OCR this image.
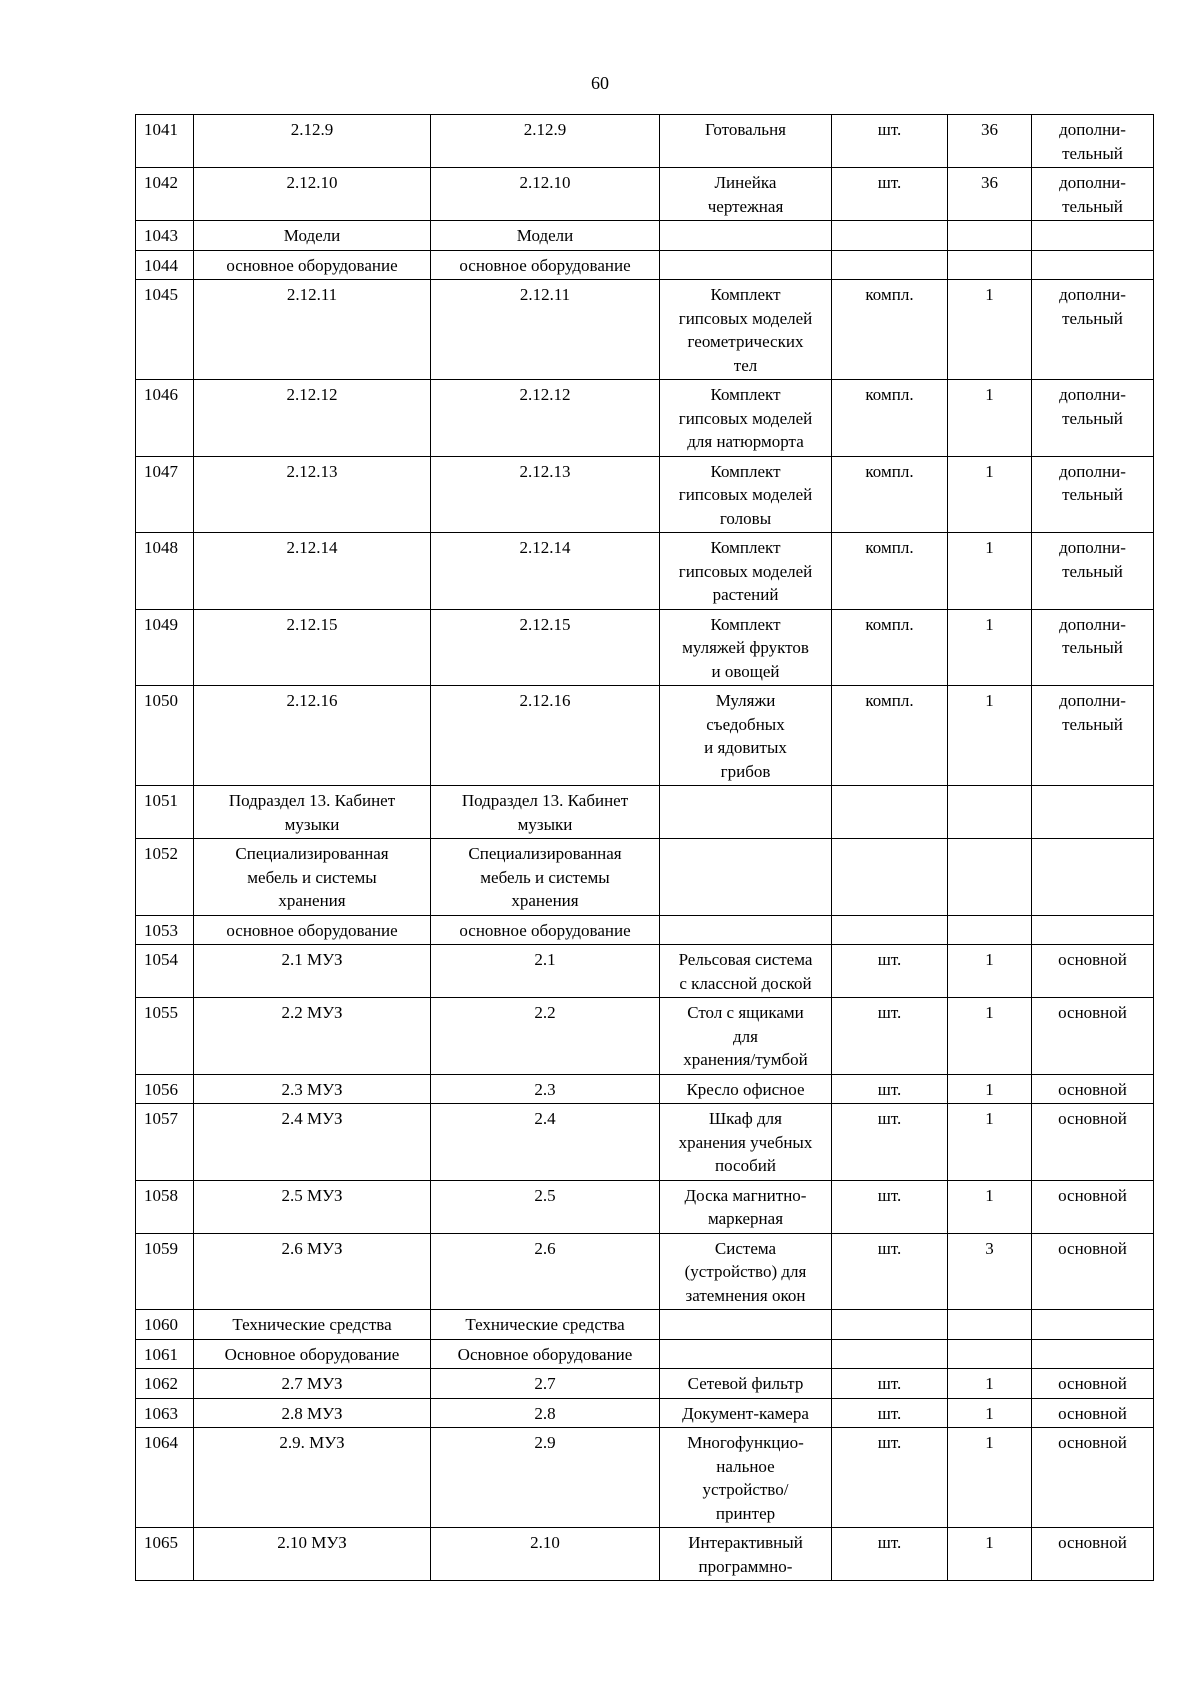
60
1041	2.12.9	2.12.9	Готовальня	шт.	36	дополни-
тельный
1042	2.12.10	2.12.10	Линейка
чертежная	шт.	36	дополни-
тельный
1043	Модели	Модели				
1044	основное оборудование	основное оборудование				
1045	2.12.11	2.12.11	Комплект
гипсовых моделей
геометрических
тел	компл.	1	дополни-
тельный
1046	2.12.12	2.12.12	Комплект
гипсовых моделей
для натюрморта	компл.	1	дополни-
тельный
1047	2.12.13	2.12.13	Комплект
гипсовых моделей
головы	компл.	1	дополни-
тельный
1048	2.12.14	2.12.14	Комплект
гипсовых моделей
растений	компл.	1	дополни-
тельный
1049	2.12.15	2.12.15	Комплект
муляжей фруктов
и овощей	компл.	1	дополни-
тельный
1050	2.12.16	2.12.16	Муляжи
съедобных
и ядовитых
грибов	компл.	1	дополни-
тельный
1051	Подраздел 13. Кабинет
музыки	Подраздел 13. Кабинет
музыки				
1052	Специализированная
мебель и системы
хранения	Специализированная
мебель и системы
хранения				
1053	основное оборудование	основное оборудование				
1054	2.1 МУЗ	2.1	Рельсовая система
с классной доской	шт.	1	основной
1055	2.2 МУЗ	2.2	Стол с ящиками
для
хранения/тумбой	шт.	1	основной
1056	2.3 МУЗ	2.3	Кресло офисное	шт.	1	основной
1057	2.4 МУЗ	2.4	Шкаф для
хранения учебных
пособий	шт.	1	основной
1058	2.5 МУЗ	2.5	Доска магнитно-
маркерная	шт.	1	основной
1059	2.6 МУЗ	2.6	Система
(устройство) для
затемнения окон	шт.	3	основной
1060	Технические средства	Технические средства				
1061	Основное оборудование	Основное оборудование				
1062	2.7 МУЗ	2.7	Сетевой фильтр	шт.	1	основной
1063	2.8 МУЗ	2.8	Документ-камера	шт.	1	основной
1064	2.9. МУЗ	2.9	Многофункцио-
нальное
устройство/
принтер	шт.	1	основной
1065	2.10 МУЗ	2.10	Интерактивный
программно-	шт.	1	основной
